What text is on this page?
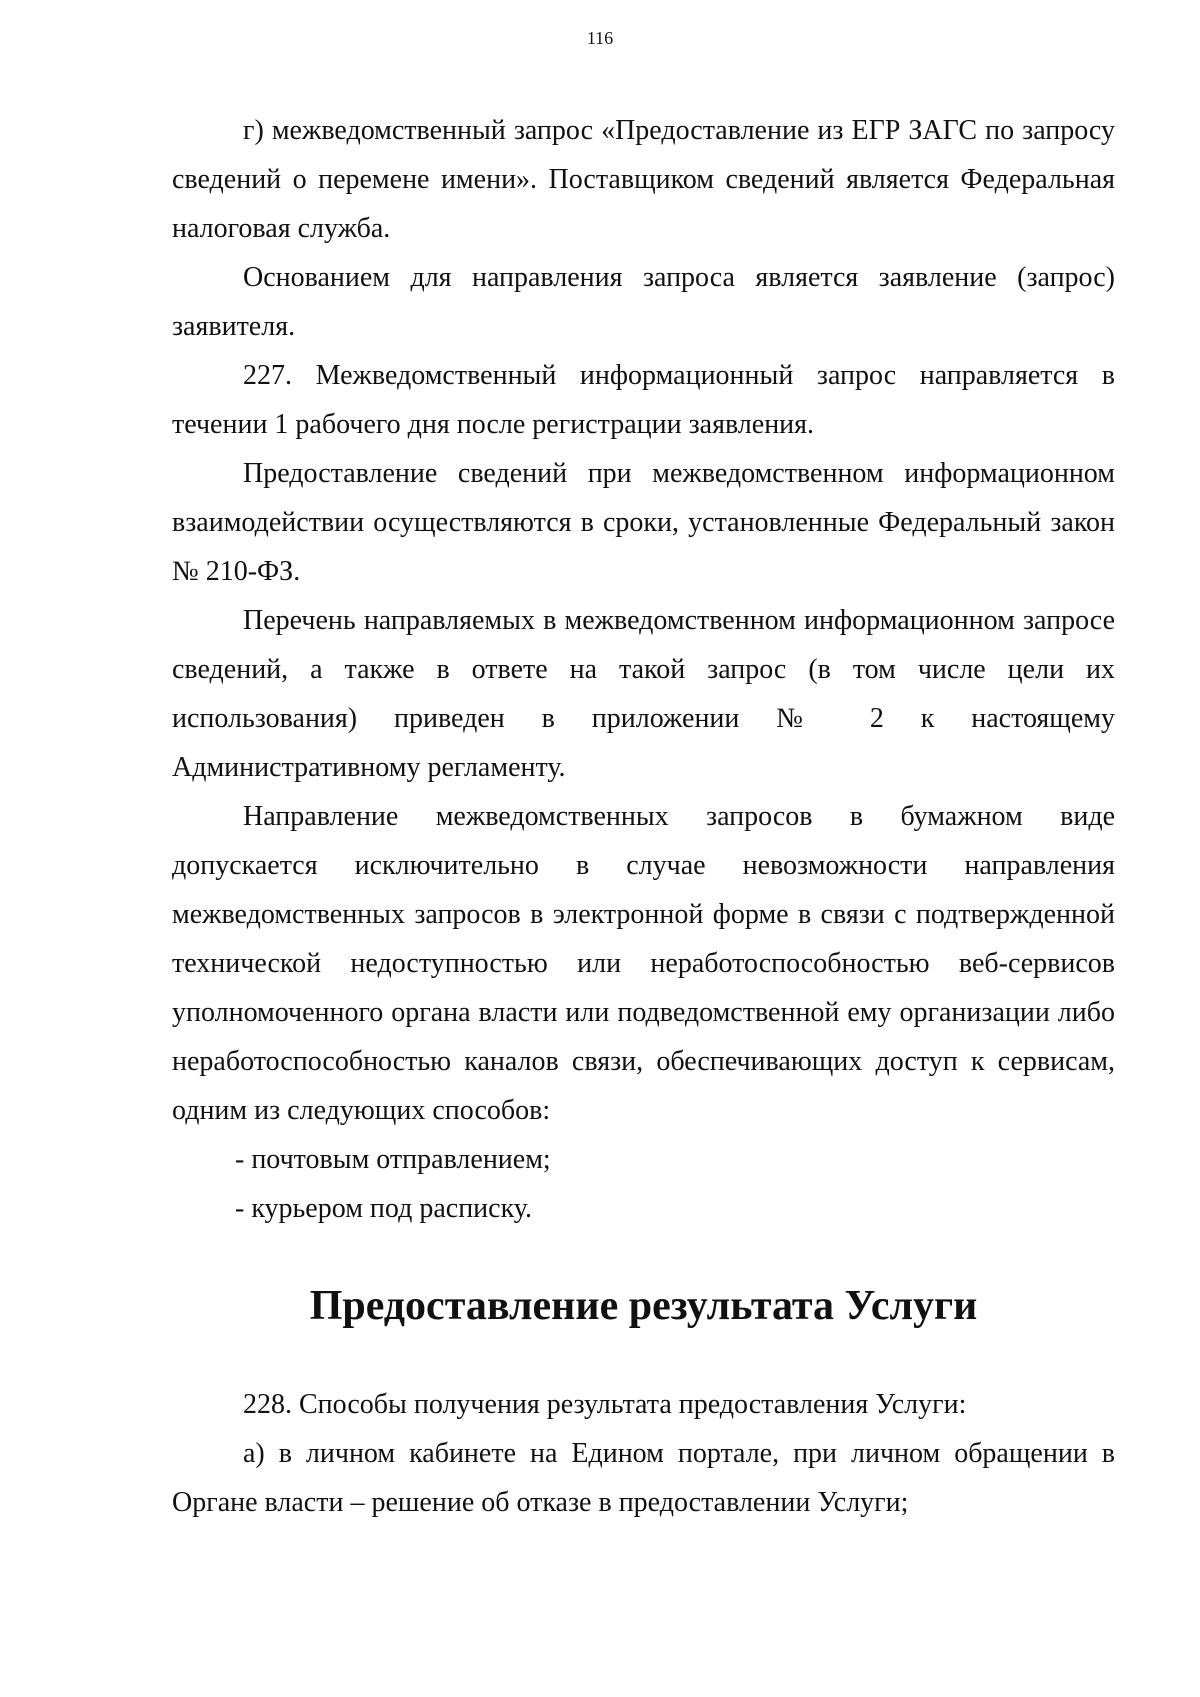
116

г) межведомственный запрос «Предоставление из ЕГР ЗАГС по запросу сведений о перемене имени». Поставщиком сведений является Федеральная налоговая служба.

Основанием для направления запроса является заявление (запрос) заявителя.

227. Межведомственный информационный запрос направляется в течении 1 рабочего дня после регистрации заявления.

Предоставление сведений при межведомственном информационном взаимодействии осуществляются в сроки, установленные Федеральный закон № 210-ФЗ.

Перечень направляемых в межведомственном информационном запросе сведений, а также в ответе на такой запрос (в том числе цели их использования) приведен в приложении № 2 к настоящему Административному регламенту.

Направление межведомственных запросов в бумажном виде допускается исключительно в случае невозможности направления межведомственных запросов в электронной форме в связи с подтвержденной технической недоступностью или неработоспособностью веб-сервисов уполномоченного органа власти или подведомственной ему организации либо неработоспособностью каналов связи, обеспечивающих доступ к сервисам, одним из следующих способов:

- почтовым отправлением;

- курьером под расписку.

Предоставление результата Услуги

228. Способы получения результата предоставления Услуги:

а) в личном кабинете на Едином портале, при личном обращении в Органе власти – решение об отказе в предоставлении Услуги;
